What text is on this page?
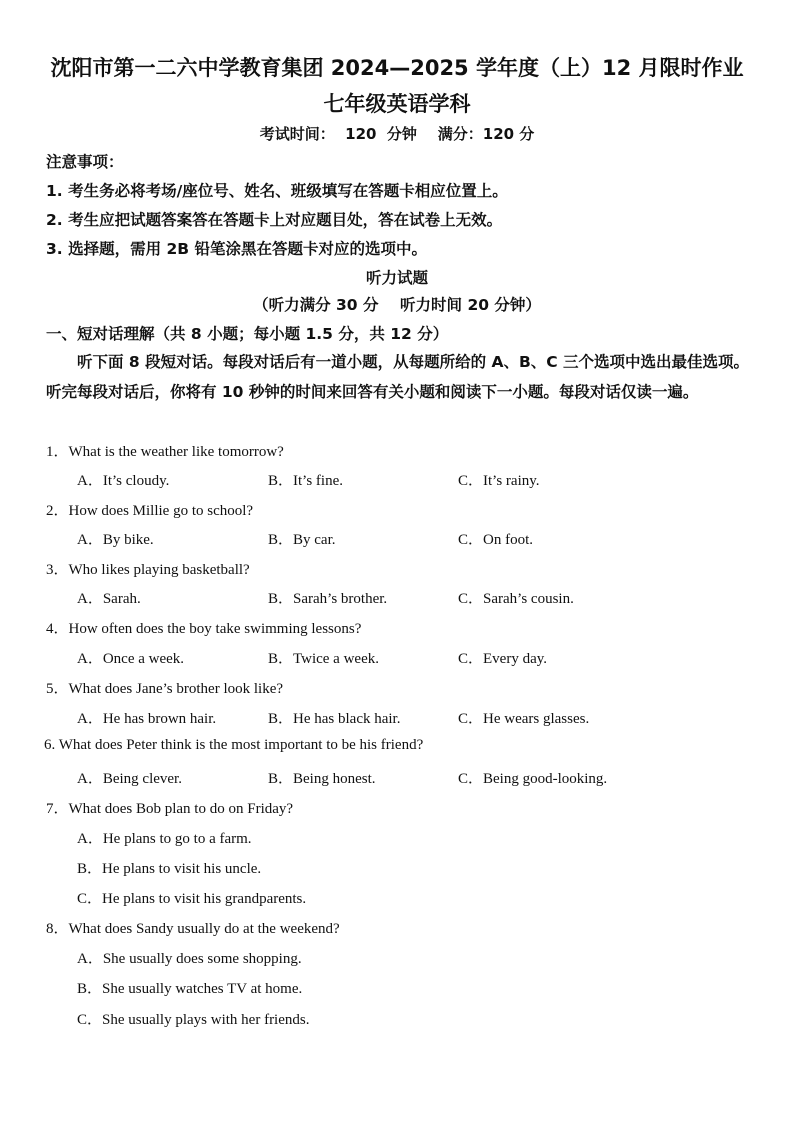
沈阳市第一二六中学教育集团 2024—2025 学年度（上）12 月限时作业
七年级英语学科
考试时间：  120  分钟    满分：120 分
注意事项：
1. 考生务必将考场/座位号、姓名、班级填写在答题卡相应位置上。
2. 考生应把试题答案答在答题卡上对应题目处，答在试卷上无效。
3. 选择题，需用 2B 铅笔涂黑在答题卡对应的选项中。
听力试题
（听力满分 30 分    听力时间 20 分钟）
一、短对话理解（共 8 小题；每小题 1.5 分，共 12 分）
听下面 8 段短对话。每段对话后有一道小题，从每题所给的 A、B、C 三个选项中选出最佳选项。听完每段对话后，你将有 10 秒钟的时间来回答有关小题和阅读下一小题。每段对话仅读一遍。
1．What is the weather like tomorrow?
A．It’s cloudy.	B．It’s fine.	C．It’s rainy.
2．How does Millie go to school?
A．By bike.	B．By car.	C．On foot.
3．Who likes playing basketball?
A．Sarah.	B．Sarah’s brother.	C．Sarah’s cousin.
4．How often does the boy take swimming lessons?
A．Once a week.	B．Twice a week.	C．Every day.
5．What does Jane’s brother look like?
A．He has brown hair.	B．He has black hair.	C．He wears glasses.
6. What does Peter think is the most important to be his friend?
A．Being clever.	B．Being honest.	C．Being good-looking.
7．What does Bob plan to do on Friday?
A．He plans to go to a farm.
B．He plans to visit his uncle.
C．He plans to visit his grandparents.
8．What does Sandy usually do at the weekend?
A．She usually does some shopping.
B．She usually watches TV at home.
C．She usually plays with her friends.
